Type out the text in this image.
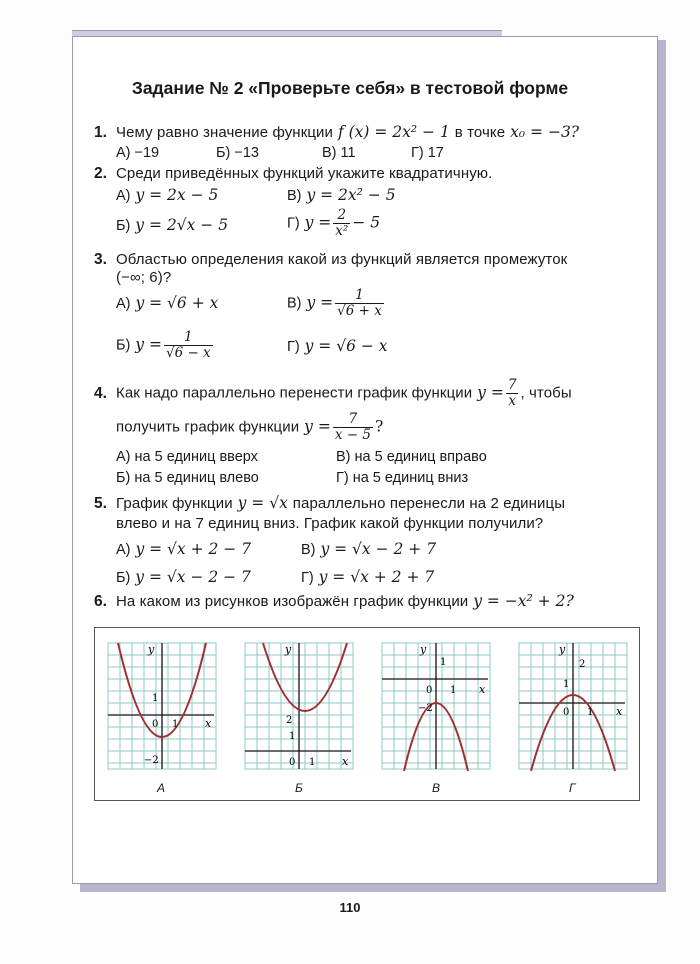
Задание № 2 «Проверьте себя» в тестовой форме
1. Чему равно значение функции f (x) = 2x² − 1 в точке x₀ = −3?
А) −19	Б) −13	В) 11	Г) 17
2. Среди приведённых функций укажите квадратичную.
А) y = 2x − 5	В) y = 2x² − 5
Б) y = 2√x − 5	Г) $y = \frac{2}{\text{x²}} - 5$
3. Областью определения какой из функций является промежуток
(−∞; 6)?
А) y = √6 + x	В) $y = \frac{1}{√6 + x}$
Б) $y = \frac{1}{√6 - x}$	Г) y = √6 − x
4. Как надо параллельно перенести график функции $y = \frac{7}{x}$ , чтобы
получить график функции $y = \frac{7}{x - 5}$ ?
А) на 5 единиц вверх	В) на 5 единиц вправо
Б) на 5 единиц влево	Г) на 5 единиц вниз
5. График функции y = √x параллельно перенесли на 2 единицы
влево и на 7 единиц вниз. График какой функции получили?
А) y = √x + 2 − 7	В) y = √x − 2 + 7
Б) y = √x − 2 − 7	Г) y = √x + 2 + 7
6. На каком из рисунков изображён график функции y = −x² + 2?
y
x
0 1
1
−2
А
y
x
0 1
1
2
Б
y
x
0 1
1
−2
В
y
x
0 1
1
2
Г
110
